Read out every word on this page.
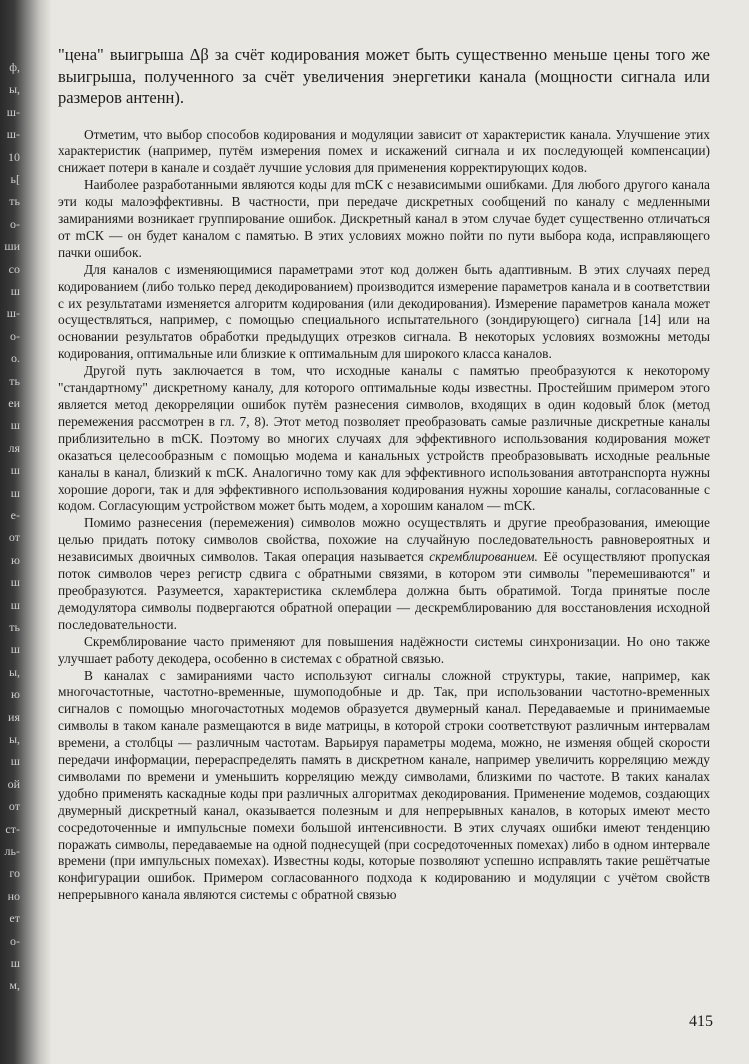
ф,
ы,
ш-
ш-
10
ь[
ть
о-
ши
со
ш
ш-
о-
о.
ть
еи
ш
ля
ш
ш
е-
от
ю
ш
ш
ть
ш
ы,
ю
ия
ы,
ш
ой
от
ст-
ль-
го
но
ет
о-
ш
м,

"цена" выигрыша Δβ за счёт кодирования может быть существенно меньше цены того же выигрыша, полученного за счёт увеличения энергетики канала (мощности сигнала или размеров антенн).

Отметим, что выбор способов кодирования и модуляции зависит от характеристик канала. Улучшение этих характеристик (например, путём измерения помех и искажений сигнала и их последующей компенсации) снижает потери в канале и создаёт лучшие условия для применения корректирующих кодов.

Наиболее разработанными являются коды для mСК с независимыми ошибками. Для любого другого канала эти коды малоэффективны. В частности, при передаче дискретных сообщений по каналу с медленными замираниями возникает группирование ошибок. Дискретный канал в этом случае будет существенно отличаться от mСК — он будет каналом с памятью. В этих условиях можно пойти по пути выбора кода, исправляющего пачки ошибок.

Для каналов с изменяющимися параметрами этот код должен быть адаптивным. В этих случаях перед кодированием (либо только перед декодированием) производится измерение параметров канала и в соответствии с их результатами изменяется алгоритм кодирования (или декодирования). Измерение параметров канала может осуществляться, например, с помощью специального испытательного (зондирующего) сигнала [14] или на основании результатов обработки предыдущих отрезков сигнала. В некоторых условиях возможны методы кодирования, оптимальные или близкие к оптимальным для широкого класса каналов.

Другой путь заключается в том, что исходные каналы с памятью преобразуются к некоторому "стандартному" дискретному каналу, для которого оптимальные коды известны. Простейшим примером этого является метод декорреляции ошибок путём разнесения символов, входящих в один кодовый блок (метод перемежения рассмотрен в гл. 7, 8). Этот метод позволяет преобразовать самые различные дискретные каналы приблизительно в mСК. Поэтому во многих случаях для эффективного использования кодирования может оказаться целесообразным с помощью модема и канальных устройств преобразовывать исходные реальные каналы в канал, близкий к mСК. Аналогично тому как для эффективного использования автотранспорта нужны хорошие дороги, так и для эффективного использования кодирования нужны хорошие каналы, согласованные с кодом. Согласующим устройством может быть модем, а хорошим каналом — mСК.

Помимо разнесения (перемежения) символов можно осуществлять и другие преобразования, имеющие целью придать потоку символов свойства, похожие на случайную последовательность равновероятных и независимых двоичных символов. Такая операция называется скремблированием. Её осуществляют пропуская поток символов через регистр сдвига с обратными связями, в котором эти символы "перемешиваются" и преобразуются. Разумеется, характеристика склемблера должна быть обратимой. Тогда принятые после демодулятора символы подвергаются обратной операции — дескремблированию для восстановления исходной последовательности.

Скремблирование часто применяют для повышения надёжности системы синхронизации. Но оно также улучшает работу декодера, особенно в системах с обратной связью.

В каналах с замираниями часто используют сигналы сложной структуры, такие, например, как многочастотные, частотно-временные, шумоподобные и др. Так, при использовании частотно-временных сигналов с помощью многочастотных модемов образуется двумерный канал. Передаваемые и принимаемые символы в таком канале размещаются в виде матрицы, в которой строки соответствуют различным интервалам времени, а столбцы — различным частотам. Варьируя параметры модема, можно, не изменяя общей скорости передачи информации, перераспределять память в дискретном канале, например увеличить корреляцию между символами по времени и уменьшить корреляцию между символами, близкими по частоте. В таких каналах удобно применять каскадные коды при различных алгоритмах декодирования. Применение модемов, создающих двумерный дискретный канал, оказывается полезным и для непрерывных каналов, в которых имеют место сосредоточенные и импульсные помехи большой интенсивности. В этих случаях ошибки имеют тенденцию поражать символы, передаваемые на одной поднесущей (при сосредоточенных помехах) либо в одном интервале времени (при импульсных помехах). Известны коды, которые позволяют успешно исправлять такие решётчатые конфигурации ошибок. Примером согласованного подхода к кодированию и модуляции с учётом свойств непрерывного канала являются системы с обратной связью

415
